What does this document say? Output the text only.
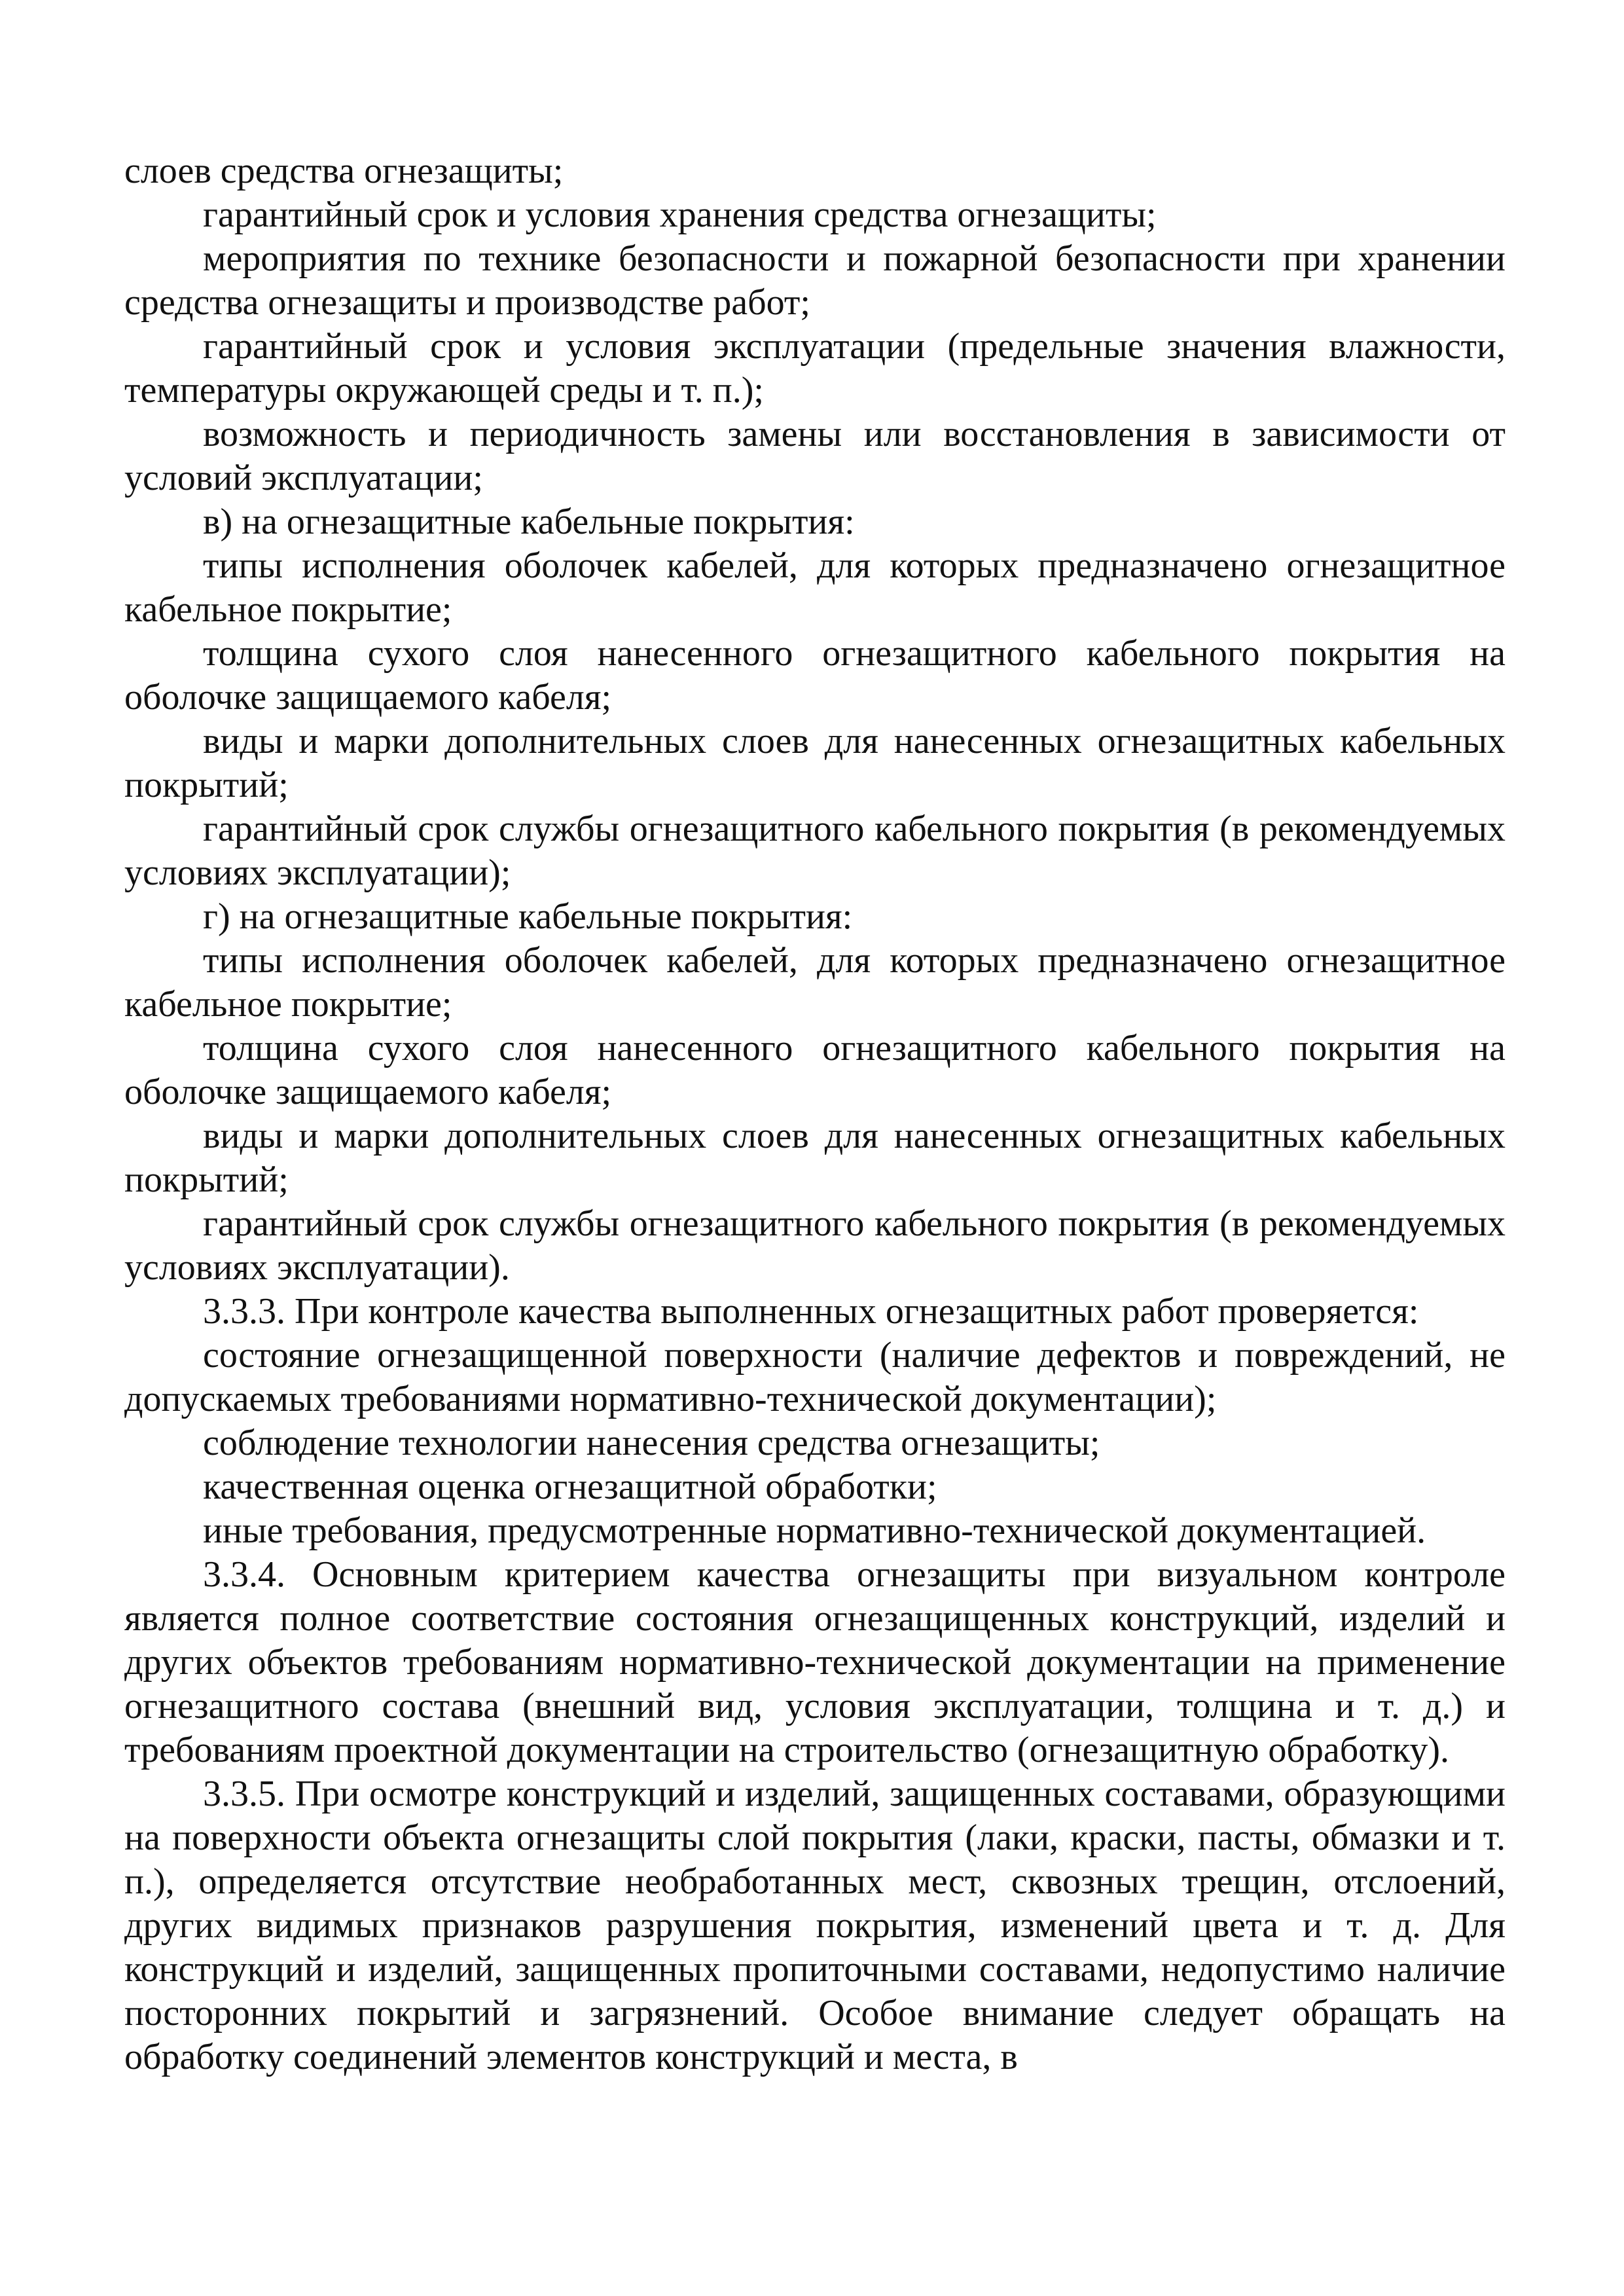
слоев средства огнезащиты;

гарантийный срок и условия хранения средства огнезащиты;

мероприятия по технике безопасности и пожарной безопасности при хранении средства огнезащиты и производстве работ;

гарантийный срок и условия эксплуатации (предельные значения влажности, температуры окружающей среды и т. п.);

возможность и периодичность замены или восстановления в зависимости от условий эксплуатации;

в) на огнезащитные кабельные покрытия:

типы исполнения оболочек кабелей, для которых предназначено огнезащитное кабельное покрытие;

толщина сухого слоя нанесенного огнезащитного кабельного покрытия на оболочке защищаемого кабеля;

виды и марки дополнительных слоев для нанесенных огнезащитных кабельных покрытий;

гарантийный срок службы огнезащитного кабельного покрытия (в рекомендуемых условиях эксплуатации);

г) на огнезащитные кабельные покрытия:

типы исполнения оболочек кабелей, для которых предназначено огнезащитное кабельное покрытие;

толщина сухого слоя нанесенного огнезащитного кабельного покрытия на оболочке защищаемого кабеля;

виды и марки дополнительных слоев для нанесенных огнезащитных кабельных покрытий;

гарантийный срок службы огнезащитного кабельного покрытия (в рекомендуемых условиях эксплуатации).

3.3.3. При контроле качества выполненных огнезащитных работ проверяется:

состояние огнезащищенной поверхности (наличие дефектов и повреждений, не допускаемых требованиями нормативно-технической документации);

соблюдение технологии нанесения средства огнезащиты;

качественная оценка огнезащитной обработки;

иные требования, предусмотренные нормативно-технической документацией.

3.3.4. Основным критерием качества огнезащиты при визуальном контроле является полное соответствие состояния огнезащищенных конструкций, изделий и других объектов требованиям нормативно-технической документации на применение огнезащитного состава (внешний вид, условия эксплуатации, толщина и т. д.) и требованиям проектной документации на строительство (огнезащитную обработку).

3.3.5. При осмотре конструкций и изделий, защищенных составами, образующими на поверхности объекта огнезащиты слой покрытия (лаки, краски, пасты, обмазки и т. п.), определяется отсутствие необработанных мест, сквозных трещин, отслоений, других видимых признаков разрушения покрытия, изменений цвета и т. д. Для конструкций и изделий, защищенных пропиточными составами, недопустимо наличие посторонних покрытий и загрязнений. Особое внимание следует обращать на обработку соединений элементов конструкций и места, в
